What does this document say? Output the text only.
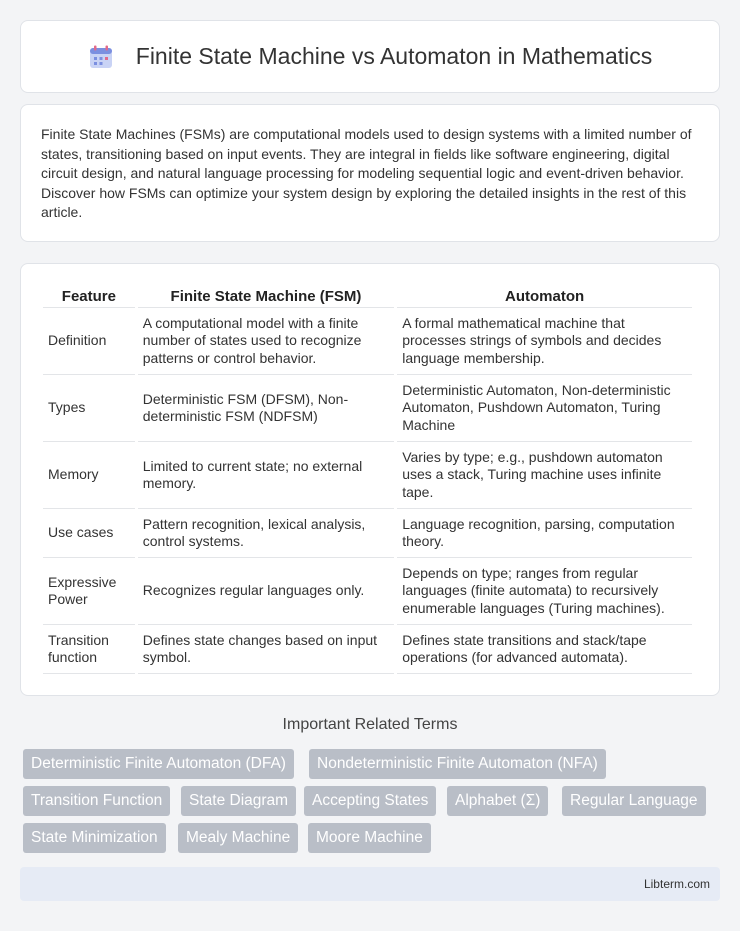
Finite State Machine vs Automaton in Mathematics

Finite State Machines (FSMs) are computational models used to design systems with a limited number of states, transitioning based on input events. They are integral in fields like software engineering, digital circuit design, and natural language processing for modeling sequential logic and event-driven behavior. Discover how FSMs can optimize your system design by exploring the detailed insights in the rest of this article.

Feature	Finite State Machine (FSM)	Automaton
Definition	A computational model with a finite number of states used to recognize patterns or control behavior.	A formal mathematical machine that processes strings of symbols and decides language membership.
Types	Deterministic FSM (DFSM), Non-deterministic FSM (NDFSM)	Deterministic Automaton, Non-deterministic Automaton, Pushdown Automaton, Turing Machine
Memory	Limited to current state; no external memory.	Varies by type; e.g., pushdown automaton uses a stack, Turing machine uses infinite tape.
Use cases	Pattern recognition, lexical analysis, control systems.	Language recognition, parsing, computation theory.
Expressive Power	Recognizes regular languages only.	Depends on type; ranges from regular languages (finite automata) to recursively enumerable languages (Turing machines).
Transition function	Defines state changes based on input symbol.	Defines state transitions and stack/tape operations (for advanced automata).
Important Related Terms
Deterministic Finite Automaton (DFA)	Nondeterministic Finite Automaton (NFA)
Transition Function	State Diagram	Accepting States	Alphabet (Σ)	Regular Language
State Minimization	Mealy Machine	Moore Machine
Libterm.com
